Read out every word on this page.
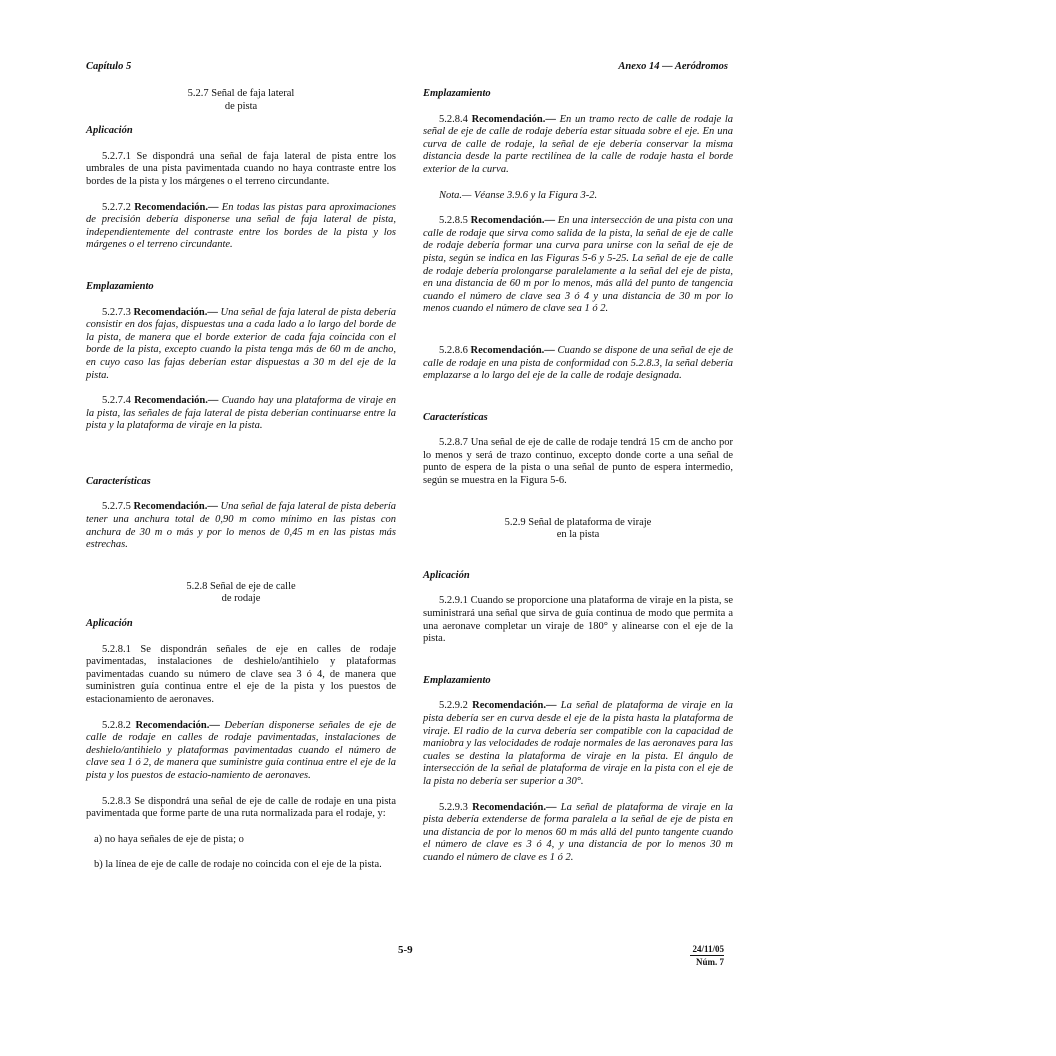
Capítulo 5	Anexo 14 — Aeródromos
5.2.7 Señal de faja lateral
de pista
Aplicación
5.2.7.1 Se dispondrá una señal de faja lateral de pista entre los umbrales de una pista pavimentada cuando no haya contraste entre los bordes de la pista y los márgenes o el terreno circundante.
5.2.7.2 Recomendación.— En todas las pistas para aproximaciones de precisión debería disponerse una señal de faja lateral de pista, independientemente del contraste entre los bordes de la pista y los márgenes o el terreno circundante.
Emplazamiento
5.2.7.3 Recomendación.— Una señal de faja lateral de pista debería consistir en dos fajas, dispuestas una a cada lado a lo largo del borde de la pista, de manera que el borde exterior de cada faja coincida con el borde de la pista, excepto cuando la pista tenga más de 60 m de ancho, en cuyo caso las fajas deberían estar dispuestas a 30 m del eje de la pista.
5.2.7.4 Recomendación.— Cuando hay una plataforma de viraje en la pista, las señales de faja lateral de pista deberían continuarse entre la pista y la plataforma de viraje en la pista.
Características
5.2.7.5 Recomendación.— Una señal de faja lateral de pista debería tener una anchura total de 0,90 m como mínimo en las pistas con anchura de 30 m o más y por lo menos de 0,45 m en las pistas más estrechas.
5.2.8 Señal de eje de calle
de rodaje
Aplicación
5.2.8.1 Se dispondrán señales de eje en calles de rodaje pavimentadas, instalaciones de deshielo/antihielo y plataformas pavimentadas cuando su número de clave sea 3 ó 4, de manera que suministren guía continua entre el eje de la pista y los puestos de estacionamiento de aeronaves.
5.2.8.2 Recomendación.— Deberían disponerse señales de eje de calle de rodaje en calles de rodaje pavimentadas, instalaciones de deshielo/antihielo y plataformas pavimentadas cuando el número de clave sea 1 ó 2, de manera que suministre guía continua entre el eje de la pista y los puestos de estacio-namiento de aeronaves.
5.2.8.3 Se dispondrá una señal de eje de calle de rodaje en una pista pavimentada que forme parte de una ruta normalizada para el rodaje, y:
a) no haya señales de eje de pista; o
b) la línea de eje de calle de rodaje no coincida con el eje de la pista.
Emplazamiento
5.2.8.4 Recomendación.— En un tramo recto de calle de rodaje la señal de eje de calle de rodaje debería estar situada sobre el eje. En una curva de calle de rodaje, la señal de eje debería conservar la misma distancia desde la parte rectilínea de la calle de rodaje hasta el borde exterior de la curva.
Nota.— Véanse 3.9.6 y la Figura 3-2.
5.2.8.5 Recomendación.— En una intersección de una pista con una calle de rodaje que sirva como salida de la pista, la señal de eje de calle de rodaje debería formar una curva para unirse con la señal de eje de pista, según se indica en las Figuras 5-6 y 5-25. La señal de eje de calle de rodaje debería prolongarse paralelamente a la señal del eje de pista, en una distancia de 60 m por lo menos, más allá del punto de tangencia cuando el número de clave sea 3 ó 4 y una distancia de 30 m por lo menos cuando el número de clave sea 1 ó 2.
5.2.8.6 Recomendación.— Cuando se dispone de una señal de eje de calle de rodaje en una pista de conformidad con 5.2.8.3, la señal debería emplazarse a lo largo del eje de la calle de rodaje designada.
Características
5.2.8.7 Una señal de eje de calle de rodaje tendrá 15 cm de ancho por lo menos y será de trazo continuo, excepto donde corte a una señal de punto de espera de la pista o una señal de punto de espera intermedio, según se muestra en la Figura 5-6.
5.2.9 Señal de plataforma de viraje
en la pista
Aplicación
5.2.9.1 Cuando se proporcione una plataforma de viraje en la pista, se suministrará una señal que sirva de guía continua de modo que permita a una aeronave completar un viraje de 180° y alinearse con el eje de la pista.
Emplazamiento
5.2.9.2 Recomendación.— La señal de plataforma de viraje en la pista debería ser en curva desde el eje de la pista hasta la plataforma de viraje. El radio de la curva debería ser compatible con la capacidad de maniobra y las velocidades de rodaje normales de las aeronaves para las cuales se destina la plataforma de viraje en la pista. El ángulo de intersección de la señal de plataforma de viraje en la pista con el eje de la pista no debería ser superior a 30°.
5.2.9.3 Recomendación.— La señal de plataforma de viraje en la pista debería extenderse de forma paralela a la señal de eje de pista en una distancia de por lo menos 60 m más allá del punto tangente cuando el número de clave es 3 ó 4, y una distancia de por lo menos 30 m cuando el número de clave es 1 ó 2.
5-9	24/11/05
Núm. 7
